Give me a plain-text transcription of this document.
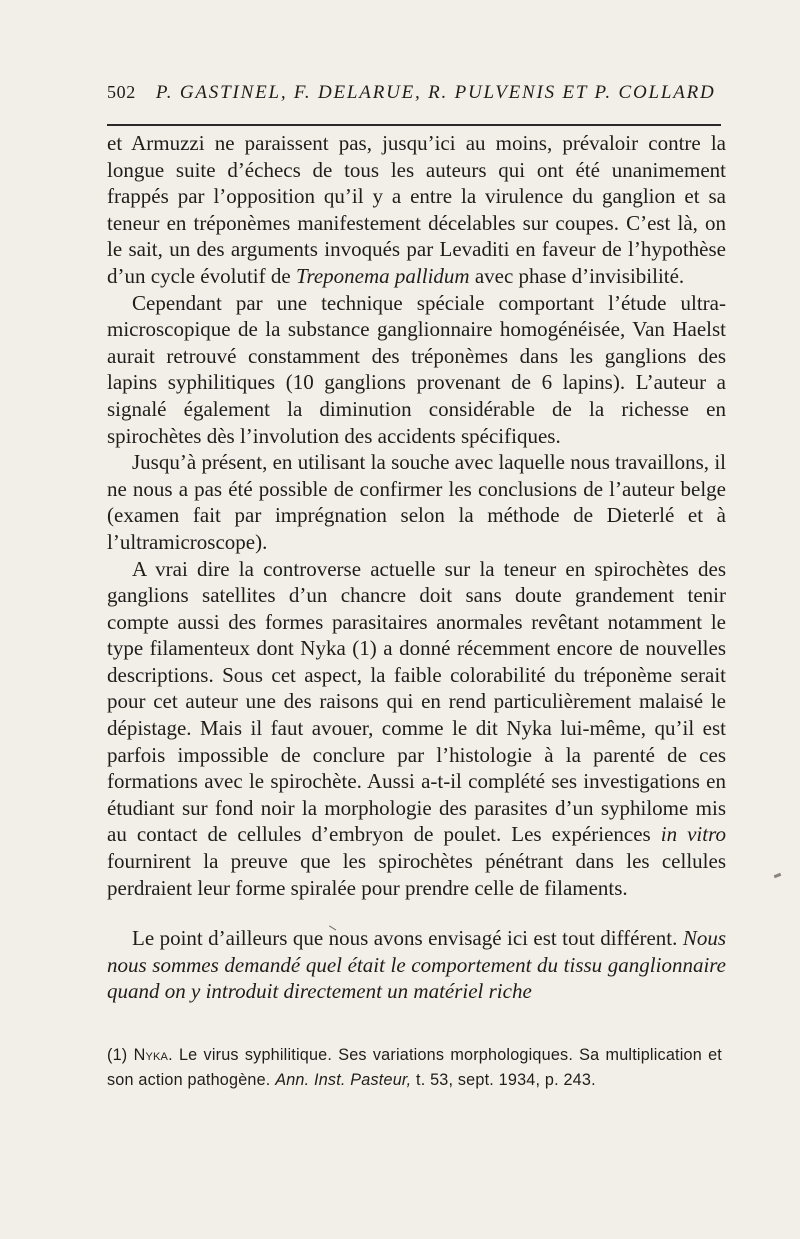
502 P. GASTINEL, F. DELARUE, R. PULVENIS ET P. COLLARD

et Armuzzi ne paraissent pas, jusqu’ici au moins, prévaloir contre la longue suite d’échecs de tous les auteurs qui ont été unanimement frappés par l’opposition qu’il y a entre la virulence du ganglion et sa teneur en tréponèmes manifestement décelables sur coupes. C’est là, on le sait, un des arguments invoqués par Levaditi en faveur de l’hypothèse d’un cycle évolutif de Treponema pallidum avec phase d’invisibilité.

Cependant par une technique spéciale comportant l’étude ultra-microscopique de la substance ganglionnaire homogénéisée, Van Haelst aurait retrouvé constamment des tréponèmes dans les ganglions des lapins syphilitiques (10 ganglions provenant de 6 lapins). L’auteur a signalé également la diminution considérable de la richesse en spirochètes dès l’involution des accidents spécifiques.

Jusqu’à présent, en utilisant la souche avec laquelle nous travaillons, il ne nous a pas été possible de confirmer les conclusions de l’auteur belge (examen fait par imprégnation selon la méthode de Dieterlé et à l’ultramicroscope).

A vrai dire la controverse actuelle sur la teneur en spirochètes des ganglions satellites d’un chancre doit sans doute grandement tenir compte aussi des formes parasitaires anormales revêtant notamment le type filamenteux dont Nyka (1) a donné récemment encore de nouvelles descriptions. Sous cet aspect, la faible colorabilité du tréponème serait pour cet auteur une des raisons qui en rend particulièrement malaisé le dépistage. Mais il faut avouer, comme le dit Nyka lui-même, qu’il est parfois impossible de conclure par l’histologie à la parenté de ces formations avec le spirochète. Aussi a-t-il complété ses investigations en étudiant sur fond noir la morphologie des parasites d’un syphilome mis au contact de cellules d’embryon de poulet. Les expériences in vitro fournirent la preuve que les spirochètes pénétrant dans les cellules perdraient leur forme spiralée pour prendre celle de filaments.

Le point d’ailleurs que nous avons envisagé ici est tout différent. Nous nous sommes demandé quel était le comportement du tissu ganglionnaire quand on y introduit directement un matériel riche

(1) Nyka. Le virus syphilitique. Ses variations morphologiques. Sa multiplication et son action pathogène. Ann. Inst. Pasteur, t. 53, sept. 1934, p. 243.
